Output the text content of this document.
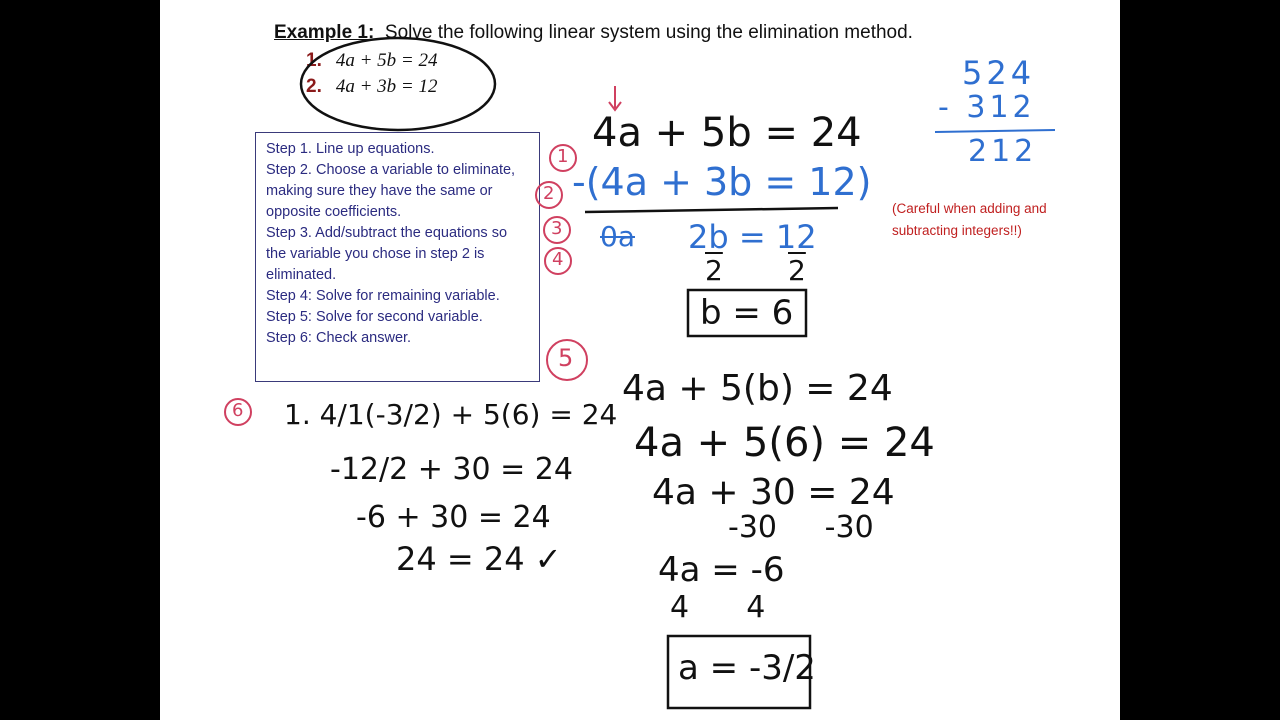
Example 1: Solve the following linear system using the elimination method.
1. 4a + 5b = 24
2. 4a + 3b = 12
Step 1. Line up equations.
Step 2. Choose a variable to eliminate, making sure they have the same or opposite coefficients.
Step 3. Add/subtract the equations so the variable you chose in step 2 is eliminated.
Step 4: Solve for remaining variable.
Step 5: Solve for second variable.
Step 6: Check answer.
(Careful when adding and
subtracting integers!!)
1
2
3
4
5
6
4a + 5b = 24
-(4a + 3b = 12)
0a 2b = 12
2 2
b = 6
524
- 312
212
4a + 5(b) = 24
4a + 5(6) = 24
4a + 30 = 24
-30     -30
4a = -6
4      4
a = -3/2
1. 4/1(-3/2) + 5(6) = 24
-12/2 + 30 = 24
-6 + 30 = 24
24 = 24 ✓
